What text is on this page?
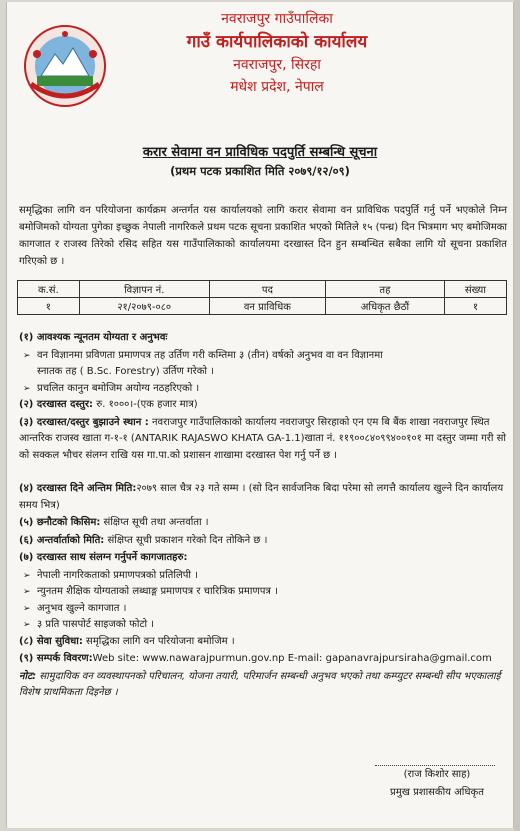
नवराजपुर गाउँपालिका
गाउँ कार्यपालिकाको कार्यालय
नवराजपुर, सिरहा
मधेश प्रदेश, नेपाल
करार सेवामा वन प्राविधिक पदपुर्ति सम्बन्धि सूचना
(प्रथम पटक प्रकाशित मिति २०७९/१२/०९)
समृद्धिका लागि वन परियोजना कार्यक्रम अन्तर्गत यस कार्यालयको लागि करार सेवामा वन प्राविधिक पदपुर्ति गर्नु पर्ने भएकोले निम्न बमोजिमको योग्यता पुगेका इच्छुक नेपाली नागरिकले प्रथम पटक सूचना प्रकाशित भएको मितिले १५ (पन्ध्र) दिन भित्रमाग भए बमोजिमका कागजात र राजस्व तिरेको रसिद सहित यस गाउँपालिकाको कार्यालयमा दरखास्त दिन हुन सम्बन्धित सबैका लागि यो सूचना प्रकाशित गरिएको छ ।
क.सं.	विज्ञापन नं.	पद	तह	संख्या
१	२१/२०७९-०८०	वन प्राविधिक	अधिकृत छैठौं	१
(१) आवश्यक न्यूनतम योग्यता र अनुभवः
➢ वन विज्ञानमा प्रविणता प्रमाणपत्र तह उर्तिण गरी कम्तिमा ३ (तीन) वर्षको अनुभव वा वन विज्ञानमा
स्नातक तह ( B.Sc. Forestry) उर्तिण गरेको ।
➢ प्रचलित कानुन बमोजिम अयोग्य नठहरिएको ।
(२) दरखास्त दस्तुर: रु. १०००।-(एक हजार मात्र)
(३) दरखास्त/दस्तुर बुझाउने स्थान : नवराजपुर गाउँपालिकाको कार्यालय नवराजपुर सिरहाको एन एम बि बैंक शाखा नवराजपुर स्थित आन्तरिक राजस्व खाता ग-१-१ (ANTARIK RAJASWO KHATA GA-1.1)खाता नं. ११९००८४०९९४००१०१ मा दस्तुर जम्मा गरी सो को सक्कल भौचर संलग्न राखि यस गा.पा.को प्रशासन शाखामा दरखास्त पेश गर्नु पर्ने छ ।
(४) दरखास्त दिने अन्तिम मिति:२०७९ साल चैत्र २३ गते सम्म । (सो दिन सार्वजनिक बिदा परेमा सो लगत्तै कार्यालय खुल्ने दिन कार्यालय समय भित्र)
(५) छनौटको किसिम: संक्षिप्त सूची तथा अन्तर्वाता ।
(६) अन्तर्वार्ताको मिति: संक्षिप्त सूची प्रकाशन गरेको दिन तोकिने छ ।
(७) दरखास्त साथ संलग्न गर्नुपर्ने कागजातहरु:
➢ नेपाली नागरिकताको प्रमाणपत्रको प्रतिलिपी ।
➢ न्युनतम शैक्षिक योग्यताको लब्धाङ्ग प्रमाणपत्र र चारित्रिक प्रमाणपत्र ।
➢ अनुभव खुल्ने कागजात ।
➢ ३ प्रति पासपोर्ट साइजको फोटो ।
(८) सेवा सुविधा: समृद्धिका लागि वन परियोजना बमोजिम ।
(९) सम्पर्क विवरण:Web site: www.nawarajpurmun.gov.np E-mail: gapanavrajpursiraha@gmail.com
नोट: सामुदायिक वन व्यवस्थापनको परिचालन, योजना तयारी, परिमार्जन सम्बन्धी अनुभव भएको तथा कम्प्युटर सम्बन्धी सीप भएकालाई विशेष प्राथमिकता दिइनेछ ।
(राज किशोर साह)
प्रमुख प्रशासकीय अधिकृत
